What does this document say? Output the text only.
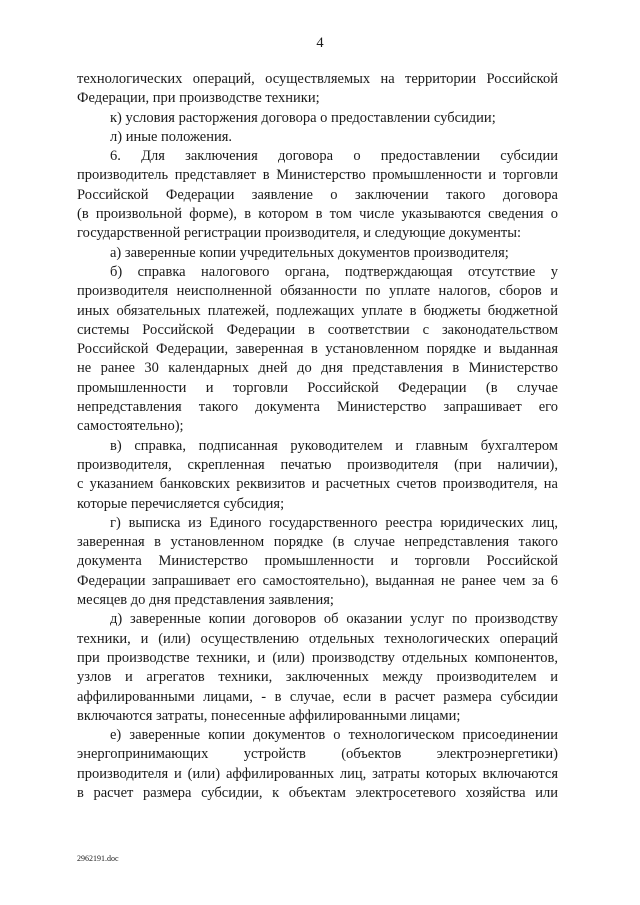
4
технологических операций, осуществляемых на территории Российской
Федерации, при производстве техники;
к) условия расторжения договора о предоставлении субсидии;
л) иные положения.
6. Для заключения договора о предоставлении субсидии
производитель представляет в Министерство промышленности и торговли
Российской Федерации заявление о заключении такого договора
(в произвольной форме), в котором в том числе указываются сведения о
государственной регистрации производителя, и следующие документы:
а) заверенные копии учредительных документов производителя;
б) справка налогового органа, подтверждающая отсутствие у
производителя неисполненной обязанности по уплате налогов, сборов и
иных обязательных платежей, подлежащих уплате в бюджеты бюджетной
системы Российской Федерации в соответствии с законодательством
Российской Федерации, заверенная в установленном порядке и выданная
не ранее 30 календарных дней до дня представления в Министерство
промышленности и торговли Российской Федерации (в случае
непредставления такого документа Министерство запрашивает его
самостоятельно);
в) справка, подписанная руководителем и главным бухгалтером
производителя, скрепленная печатью производителя (при наличии),
с указанием банковских реквизитов и расчетных счетов производителя, на
которые перечисляется субсидия;
г) выписка из Единого государственного реестра юридических лиц,
заверенная в установленном порядке (в случае непредставления такого
документа Министерство промышленности и торговли Российской
Федерации запрашивает его самостоятельно), выданная не ранее чем за 6
месяцев до дня представления заявления;
д) заверенные копии договоров об оказании услуг по производству
техники, и (или) осуществлению отдельных технологических операций
при производстве техники, и (или) производству отдельных компонентов,
узлов и агрегатов техники, заключенных между производителем и
аффилированными лицами, - в случае, если в расчет размера субсидии
включаются затраты, понесенные аффилированными лицами;
е) заверенные копии документов о технологическом присоединении
энергопринимающих устройств (объектов электроэнергетики)
производителя и (или) аффилированных лиц, затраты которых включаются
в расчет размера субсидии, к объектам электросетевого хозяйства или
2962191.doc
